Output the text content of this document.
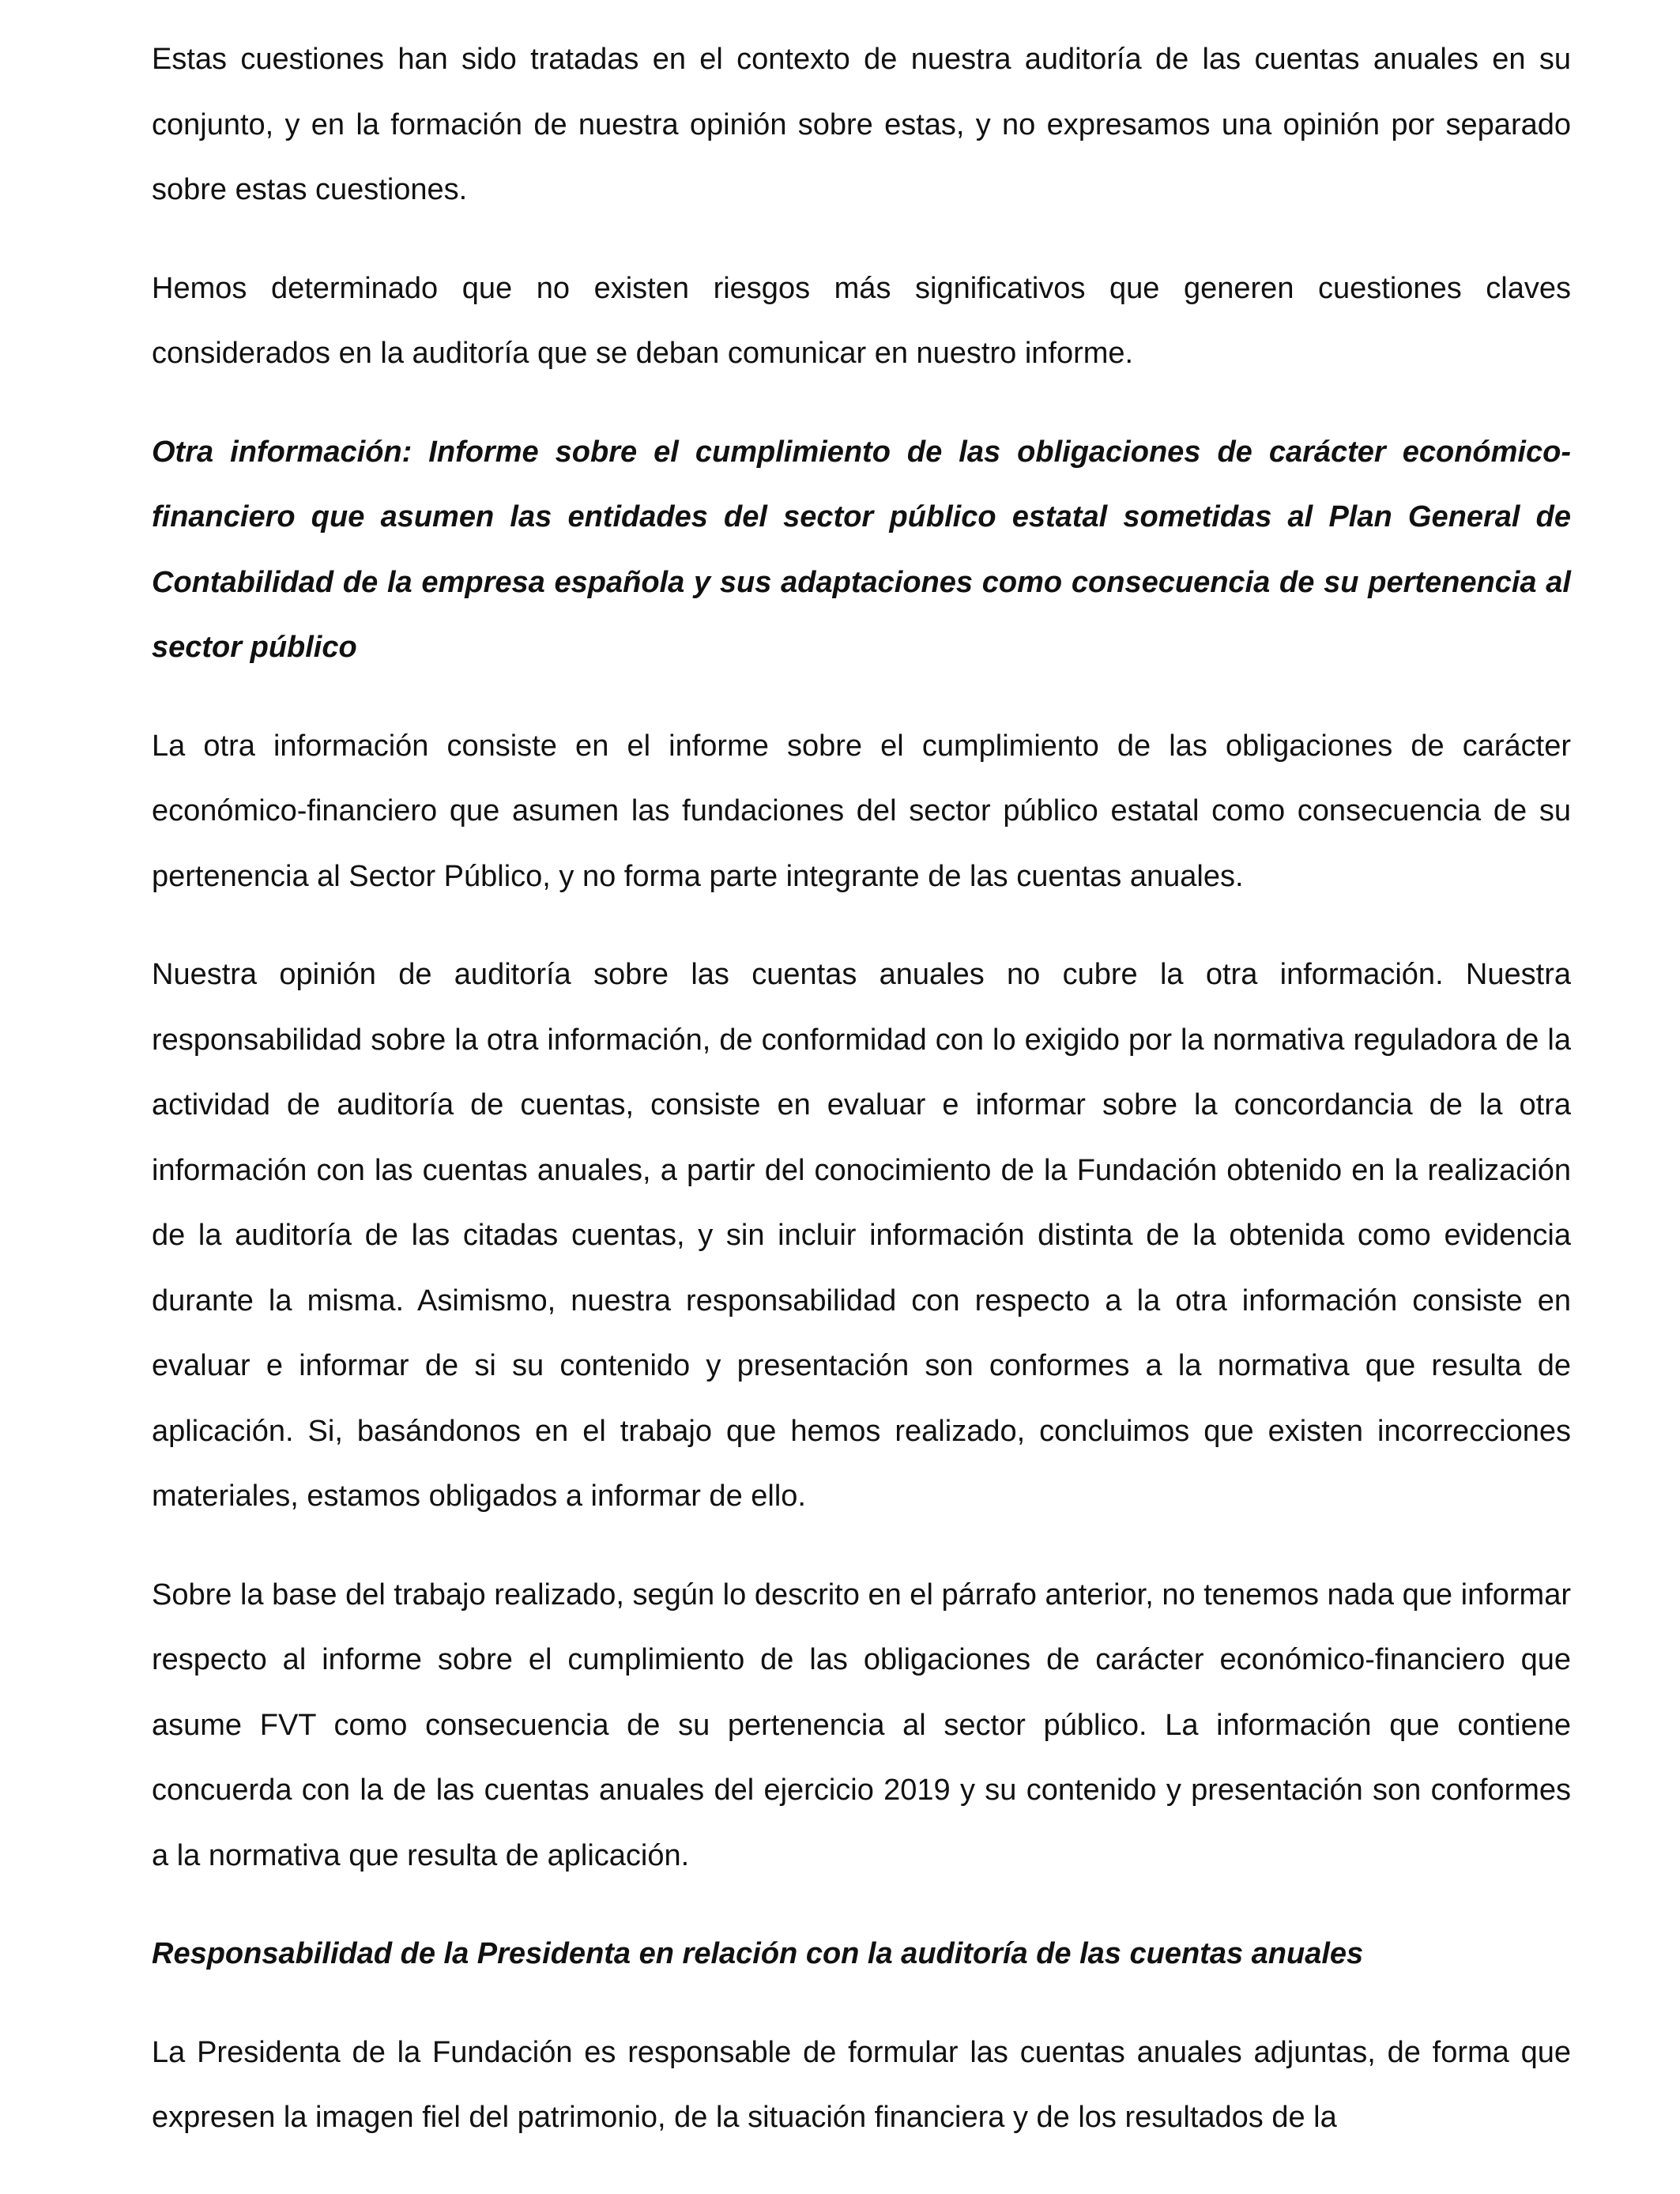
Estas cuestiones han sido tratadas en el contexto de nuestra auditoría de las cuentas anuales en su conjunto, y en la formación de nuestra opinión sobre estas, y no expresamos una opinión por separado sobre estas cuestiones.

Hemos determinado que no existen riesgos más significativos que generen cuestiones claves considerados en la auditoría que se deban comunicar en nuestro informe.

Otra información: Informe sobre el cumplimiento de las obligaciones de carácter económico-financiero que asumen las entidades del sector público estatal sometidas al Plan General de Contabilidad de la empresa española y sus adaptaciones como consecuencia de su pertenencia al sector público

La otra información consiste en el informe sobre el cumplimiento de las obligaciones de carácter económico-financiero que asumen las fundaciones del sector público estatal como consecuencia de su pertenencia al Sector Público, y no forma parte integrante de las cuentas anuales.

Nuestra opinión de auditoría sobre las cuentas anuales no cubre la otra información. Nuestra responsabilidad sobre la otra información, de conformidad con lo exigido por la normativa reguladora de la actividad de auditoría de cuentas, consiste en evaluar e informar sobre la concordancia de la otra información con las cuentas anuales, a partir del conocimiento de la Fundación obtenido en la realización de la auditoría de las citadas cuentas, y sin incluir información distinta de la obtenida como evidencia durante la misma. Asimismo, nuestra responsabilidad con respecto a la otra información consiste en evaluar e informar de si su contenido y presentación son conformes a la normativa que resulta de aplicación. Si, basándonos en el trabajo que hemos realizado, concluimos que existen incorrecciones materiales, estamos obligados a informar de ello.

Sobre la base del trabajo realizado, según lo descrito en el párrafo anterior, no tenemos nada que informar respecto al informe sobre el cumplimiento de las obligaciones de carácter económico-financiero que asume FVT como consecuencia de su pertenencia al sector público. La información que contiene concuerda con la de las cuentas anuales del ejercicio 2019 y su contenido y presentación son conformes a la normativa que resulta de aplicación.

Responsabilidad de la Presidenta en relación con la auditoría de las cuentas anuales

La Presidenta de la Fundación es responsable de formular las cuentas anuales adjuntas, de forma que expresen la imagen fiel del patrimonio, de la situación financiera y de los resultados de la
